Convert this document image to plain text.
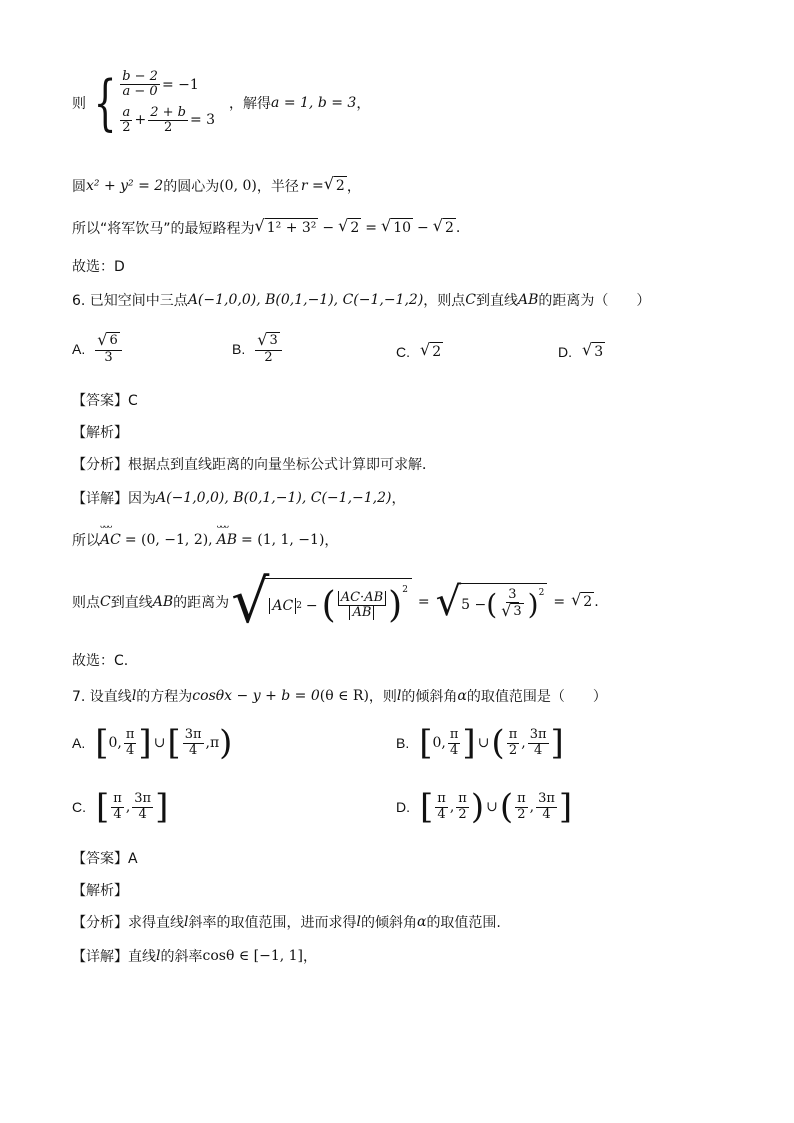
则 { $\frac{b - 2}{a - 0} = -1$
$\frac{a}{2} + \frac{2 + b}{2} = 3$
，解得 a = 1, b = 3 ，
圆 x² + y² = 2 的圆心为 (0, 0) ，半径 r = √ 2 ，
所以“将军饮马”的最短路程为 √ 1² + 3² − √ 2 = √ 10 − √ 2 .
故选：D
6. 已知空间中三点 A(−1,0,0), B(0,1,−1), C(−1,−1,2) ，则点 C 到直线 AB 的距离为（　　）
A. $\frac{√ 6}{3}$	B. $\frac{√ 3}{2}$	C. √ 2	D. √ 3
【答案】C
【解析】
【分析】 根据点到直线距离的向量坐标公式计算即可求解．
【详解】 因为 A(−1,0,0), B(0,1,−1), C(−1,−1,2) ，
所以
ᴗᴗᴗ
AC = (0, −1, 2),
ᴗᴗᴗ
AB = (1, 1, −1) ，
则点 C 到直线 AB 的距离为 √ AC 2 − ( $\frac{AC\cdot AB}{AB} )^2$
= √ 5 − ( $\frac{3}{√ 3} )^2$
= √ 2 .
故选：C.
7. 设直线 l 的方程为 cosθx − y + b = 0 (θ ∈ R) ，则 l 的倾斜角 α 的取值范围是（　　）
A. [ 0 , $\frac{\pi}{4}$ ] ∪ [ $\frac{3\pi}{4}$ , π )	B. [ 0 , $\frac{\pi}{4}$ ] ∪ ( $\frac{\pi}{2}$ , $\frac{3\pi}{4}$ ]
C. [ $\frac{\pi}{4}$ , $\frac{3\pi}{4}$ ]	D. [ $\frac{\pi}{4}$ , $\frac{\pi}{2}$ ) ∪ ( $\frac{\pi}{2}$ , $\frac{3\pi}{4}$ ]
【答案】A
【解析】
【分析】 求得直线 l 斜率的取值范围，进而求得 l 的倾斜角 α 的取值范围.
【详解】 直线 l 的斜率 cosθ ∈ [−1, 1] ，
